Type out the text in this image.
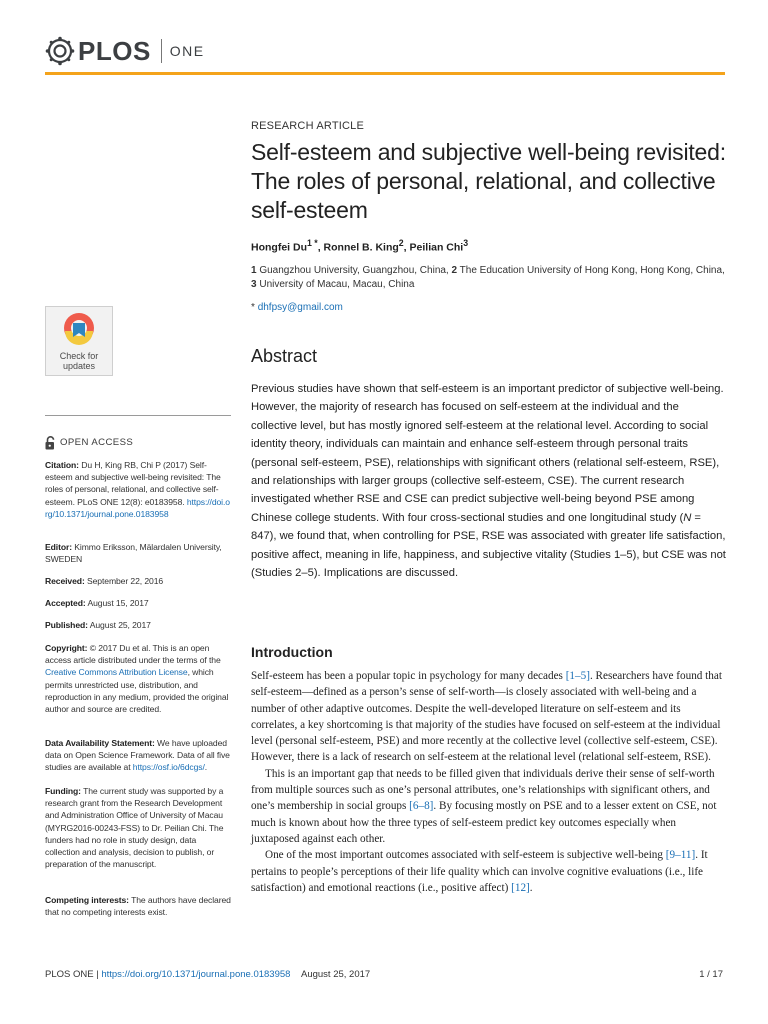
PLOS ONE
RESEARCH ARTICLE
Self-esteem and subjective well-being revisited: The roles of personal, relational, and collective self-esteem
Hongfei $Du^{1 *}$, Ronnel B. King$^2$, Peilian Chi$^3$
1 Guangzhou University, Guangzhou, China, 2 The Education University of Hong Kong, Hong Kong, China,
3 University of Macau, Macau, China
* dhfpsy@gmail.com
Abstract

Previous studies have shown that self-esteem is an important predictor of subjective well-being. However, the majority of research has focused on self-esteem at the individual and the collective level, but has mostly ignored self-esteem at the relational level. According to social identity theory, individuals can maintain and enhance self-esteem through personal traits (personal self-esteem, PSE), relationships with significant others (relational self-esteem, RSE), and relationships with larger groups (collective self-esteem, CSE). The current research investigated whether RSE and CSE can predict subjective well-being beyond PSE among Chinese college students. With four cross-sectional studies and one longitudinal study (N = 847), we found that, when controlling for PSE, RSE was associated with greater life satisfaction, positive affect, meaning in life, happiness, and subjective vitality (Studies 1–5), but CSE was not (Studies 2–5). Implications are discussed.

Introduction

Self-esteem has been a popular topic in psychology for many decades [1–5]. Researchers have found that self-esteem—defined as a person’s sense of self-worth—is closely associated with well-being and a number of other adaptive outcomes. Despite the well-developed literature on self-esteem and its correlates, a key shortcoming is that majority of the studies have focused on self-esteem at the individual level (personal self-esteem, PSE) and more recently at the collective level (collective self-esteem, CSE). However, there is a lack of research on self-esteem at the relational level (relational self-esteem, RSE).

This is an important gap that needs to be filled given that individuals derive their sense of self-worth from multiple sources such as one’s personal attributes, one’s relationships with significant others, and one’s membership in social groups [6–8]. By focusing mostly on PSE and to a lesser extent on CSE, not much is known about how the three types of self-esteem predict key outcomes especially when juxtaposed against each other.

One of the most important outcomes associated with self-esteem is subjective well-being [9–11]. It pertains to people’s perceptions of their life quality which can involve cognitive evaluations (i.e., life satisfaction) and emotional reactions (i.e., positive affect) [12].

Check for updates
OPEN ACCESS
Citation: Du H, King RB, Chi P (2017) Self-esteem and subjective well-being revisited: The roles of personal, relational, and collective self-esteem. PLoS ONE 12(8): e0183958. https://doi.org/10.1371/journal.pone.0183958
Editor: Kimmo Eriksson, Mälardalen University, SWEDEN
Received: September 22, 2016
Accepted: August 15, 2017
Published: August 25, 2017
Copyright: © 2017 Du et al. This is an open access article distributed under the terms of the Creative Commons Attribution License, which permits unrestricted use, distribution, and reproduction in any medium, provided the original author and source are credited.
Data Availability Statement: We have uploaded data on Open Science Framework. Data of all five studies are available at https://osf.io/6dcgs/.
Funding: The current study was supported by a research grant from the Research Development and Administration Office of University of Macau (MYRG2016-00243-FSS) to Dr. Peilian Chi. The funders had no role in study design, data collection and analysis, decision to publish, or preparation of the manuscript.
Competing interests: The authors have declared that no competing interests exist.
PLOS ONE | https://doi.org/10.1371/journal.pone.0183958 August 25, 2017	1 / 17
